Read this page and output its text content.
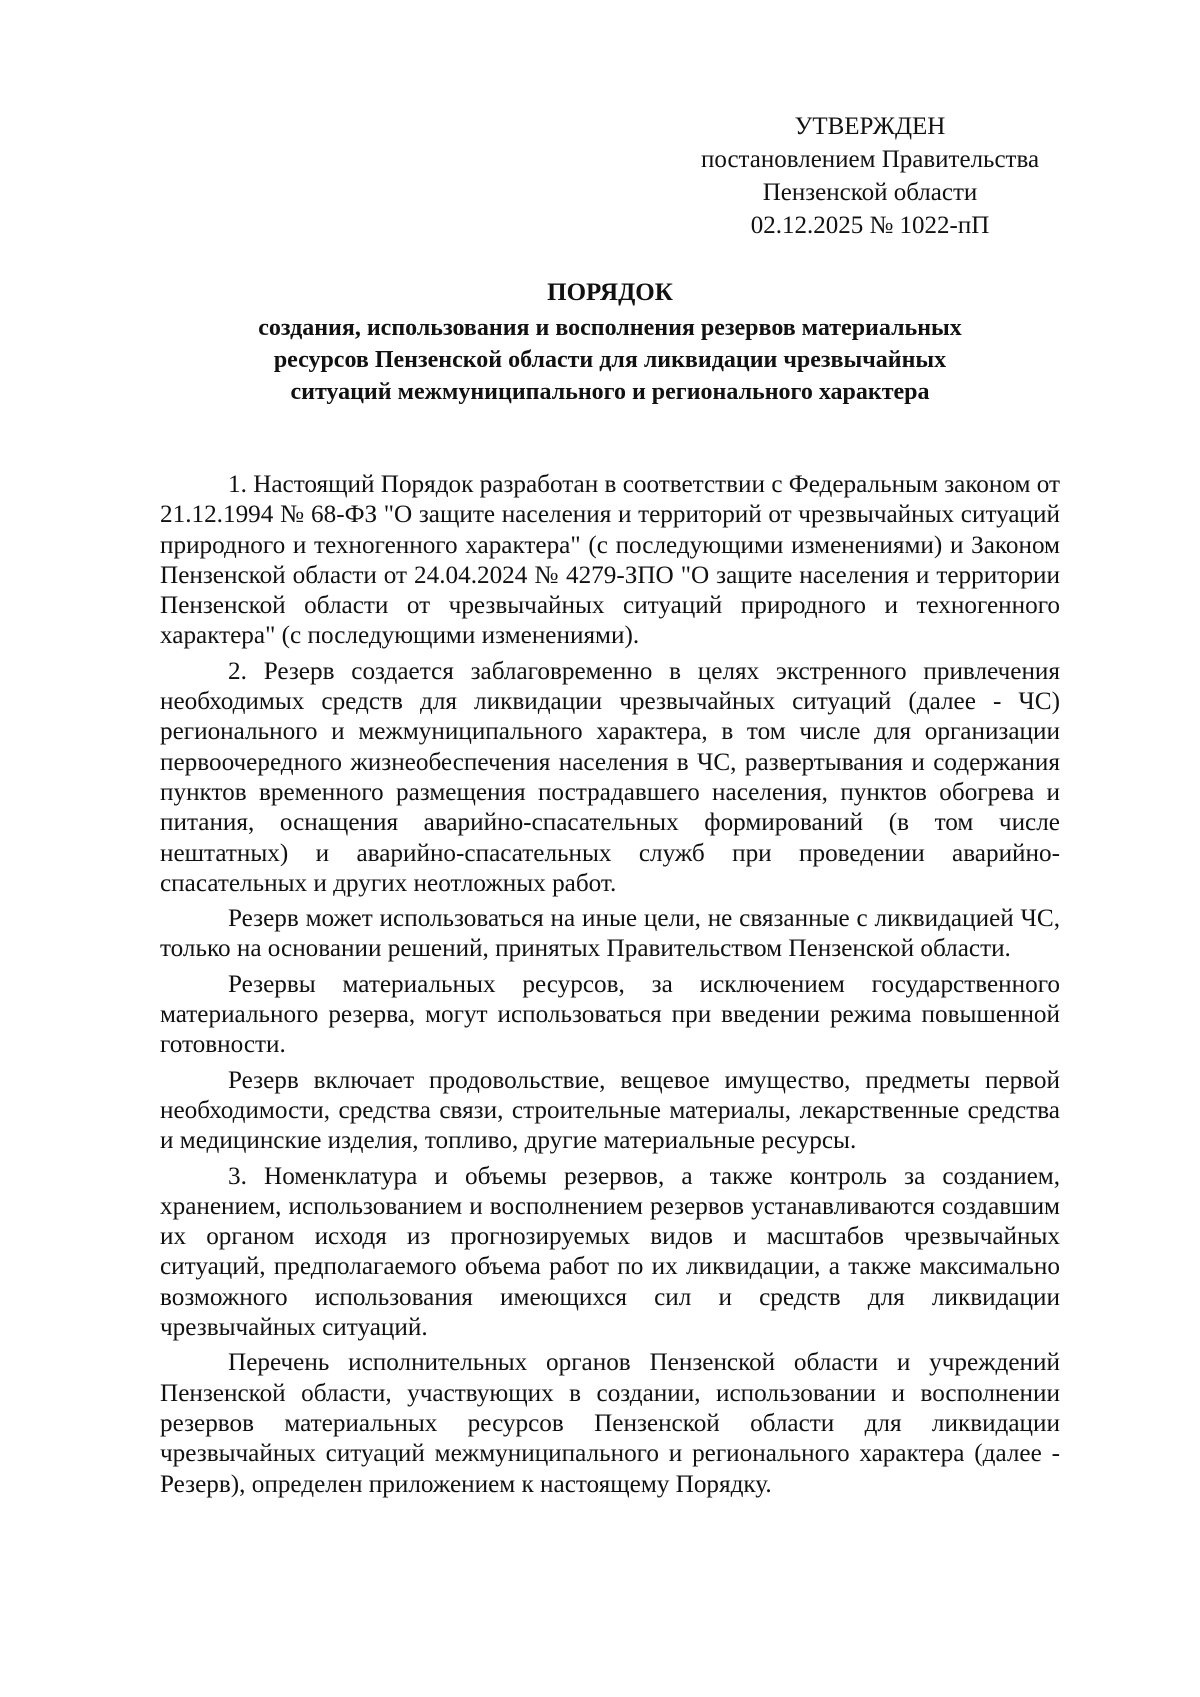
УТВЕРЖДЕН
постановлением Правительства
Пензенской области
02.12.2025 № 1022-пП
ПОРЯДОК
создания, использования и восполнения резервов материальных
ресурсов Пензенской области для ликвидации чрезвычайных
ситуаций межмуниципального и регионального характера

1. Настоящий Порядок разработан в соответствии с Федеральным законом от 21.12.1994 № 68-ФЗ "О защите населения и территорий от чрезвычайных ситуаций природного и техногенного характера" (с последующими изменениями) и Законом Пензенской области от 24.04.2024 № 4279-ЗПО "О защите населения и территории Пензенской области от чрезвычайных ситуаций природного и техногенного характера" (с последующими изменениями).

2. Резерв создается заблаговременно в целях экстренного привлечения необходимых средств для ликвидации чрезвычайных ситуаций (далее - ЧС) регионального и межмуниципального характера, в том числе для организации первоочередного жизнеобеспечения населения в ЧС, развертывания и содержания пунктов временного размещения пострадавшего населения, пунктов обогрева и питания, оснащения аварийно-спасательных формирований (в том числе нештатных) и аварийно-спасательных служб при проведении аварийно-спасательных и других неотложных работ.

Резерв может использоваться на иные цели, не связанные с ликвидацией ЧС, только на основании решений, принятых Правительством Пензенской области.

Резервы материальных ресурсов, за исключением государственного материального резерва, могут использоваться при введении режима повышенной готовности.

Резерв включает продовольствие, вещевое имущество, предметы первой необходимости, средства связи, строительные материалы, лекарственные средства и медицинские изделия, топливо, другие материальные ресурсы.

3. Номенклатура и объемы резервов, а также контроль за созданием, хранением, использованием и восполнением резервов устанавливаются создавшим их органом исходя из прогнозируемых видов и масштабов чрезвычайных ситуаций, предполагаемого объема работ по их ликвидации, а также максимально возможного использования имеющихся сил и средств для ликвидации чрезвычайных ситуаций.

Перечень исполнительных органов Пензенской области и учреждений Пензенской области, участвующих в создании, использовании и восполнении резервов материальных ресурсов Пензенской области для ликвидации чрезвычайных ситуаций межмуниципального и регионального характера (далее - Резерв), определен приложением к настоящему Порядку.
